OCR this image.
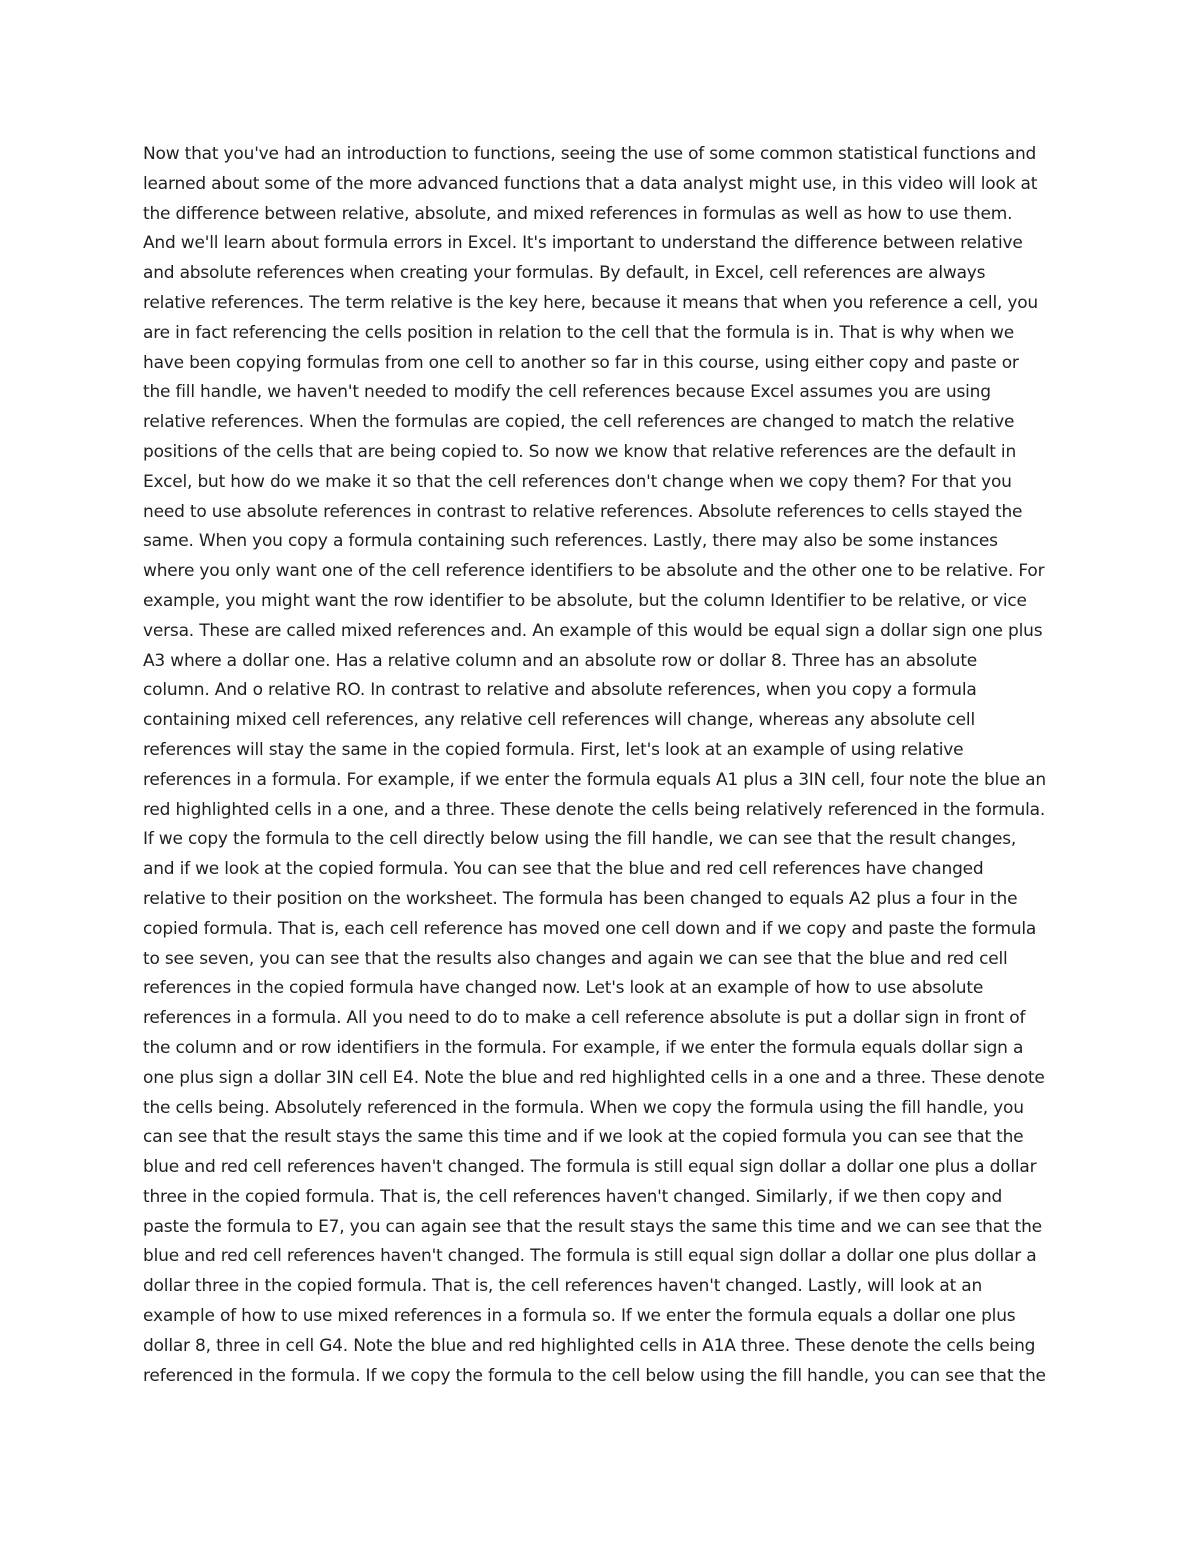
Now that you've had an introduction to functions, seeing the use of some common statistical functions and
learned about some of the more advanced functions that a data analyst might use, in this video will look at
the difference between relative, absolute, and mixed references in formulas as well as how to use them.
And we'll learn about formula errors in Excel. It's important to understand the difference between relative
and absolute references when creating your formulas. By default, in Excel, cell references are always
relative references. The term relative is the key here, because it means that when you reference a cell, you
are in fact referencing the cells position in relation to the cell that the formula is in. That is why when we
have been copying formulas from one cell to another so far in this course, using either copy and paste or
the fill handle, we haven't needed to modify the cell references because Excel assumes you are using
relative references. When the formulas are copied, the cell references are changed to match the relative
positions of the cells that are being copied to. So now we know that relative references are the default in
Excel, but how do we make it so that the cell references don't change when we copy them? For that you
need to use absolute references in contrast to relative references. Absolute references to cells stayed the
same. When you copy a formula containing such references. Lastly, there may also be some instances
where you only want one of the cell reference identifiers to be absolute and the other one to be relative. For
example, you might want the row identifier to be absolute, but the column Identifier to be relative, or vice
versa. These are called mixed references and. An example of this would be equal sign a dollar sign one plus
A3 where a dollar one. Has a relative column and an absolute row or dollar 8. Three has an absolute
column. And o relative RO. In contrast to relative and absolute references, when you copy a formula
containing mixed cell references, any relative cell references will change, whereas any absolute cell
references will stay the same in the copied formula. First, let's look at an example of using relative
references in a formula. For example, if we enter the formula equals A1 plus a 3IN cell, four note the blue an
red highlighted cells in a one, and a three. These denote the cells being relatively referenced in the formula.
If we copy the formula to the cell directly below using the fill handle, we can see that the result changes,
and if we look at the copied formula. You can see that the blue and red cell references have changed
relative to their position on the worksheet. The formula has been changed to equals A2 plus a four in the
copied formula. That is, each cell reference has moved one cell down and if we copy and paste the formula
to see seven, you can see that the results also changes and again we can see that the blue and red cell
references in the copied formula have changed now. Let's look at an example of how to use absolute
references in a formula. All you need to do to make a cell reference absolute is put a dollar sign in front of
the column and or row identifiers in the formula. For example, if we enter the formula equals dollar sign a
one plus sign a dollar 3IN cell E4. Note the blue and red highlighted cells in a one and a three. These denote
the cells being. Absolutely referenced in the formula. When we copy the formula using the fill handle, you
can see that the result stays the same this time and if we look at the copied formula you can see that the
blue and red cell references haven't changed. The formula is still equal sign dollar a dollar one plus a dollar
three in the copied formula. That is, the cell references haven't changed. Similarly, if we then copy and
paste the formula to E7, you can again see that the result stays the same this time and we can see that the
blue and red cell references haven't changed. The formula is still equal sign dollar a dollar one plus dollar a
dollar three in the copied formula. That is, the cell references haven't changed. Lastly, will look at an
example of how to use mixed references in a formula so. If we enter the formula equals a dollar one plus
dollar 8, three in cell G4. Note the blue and red highlighted cells in A1A three. These denote the cells being
referenced in the formula. If we copy the formula to the cell below using the fill handle, you can see that the
